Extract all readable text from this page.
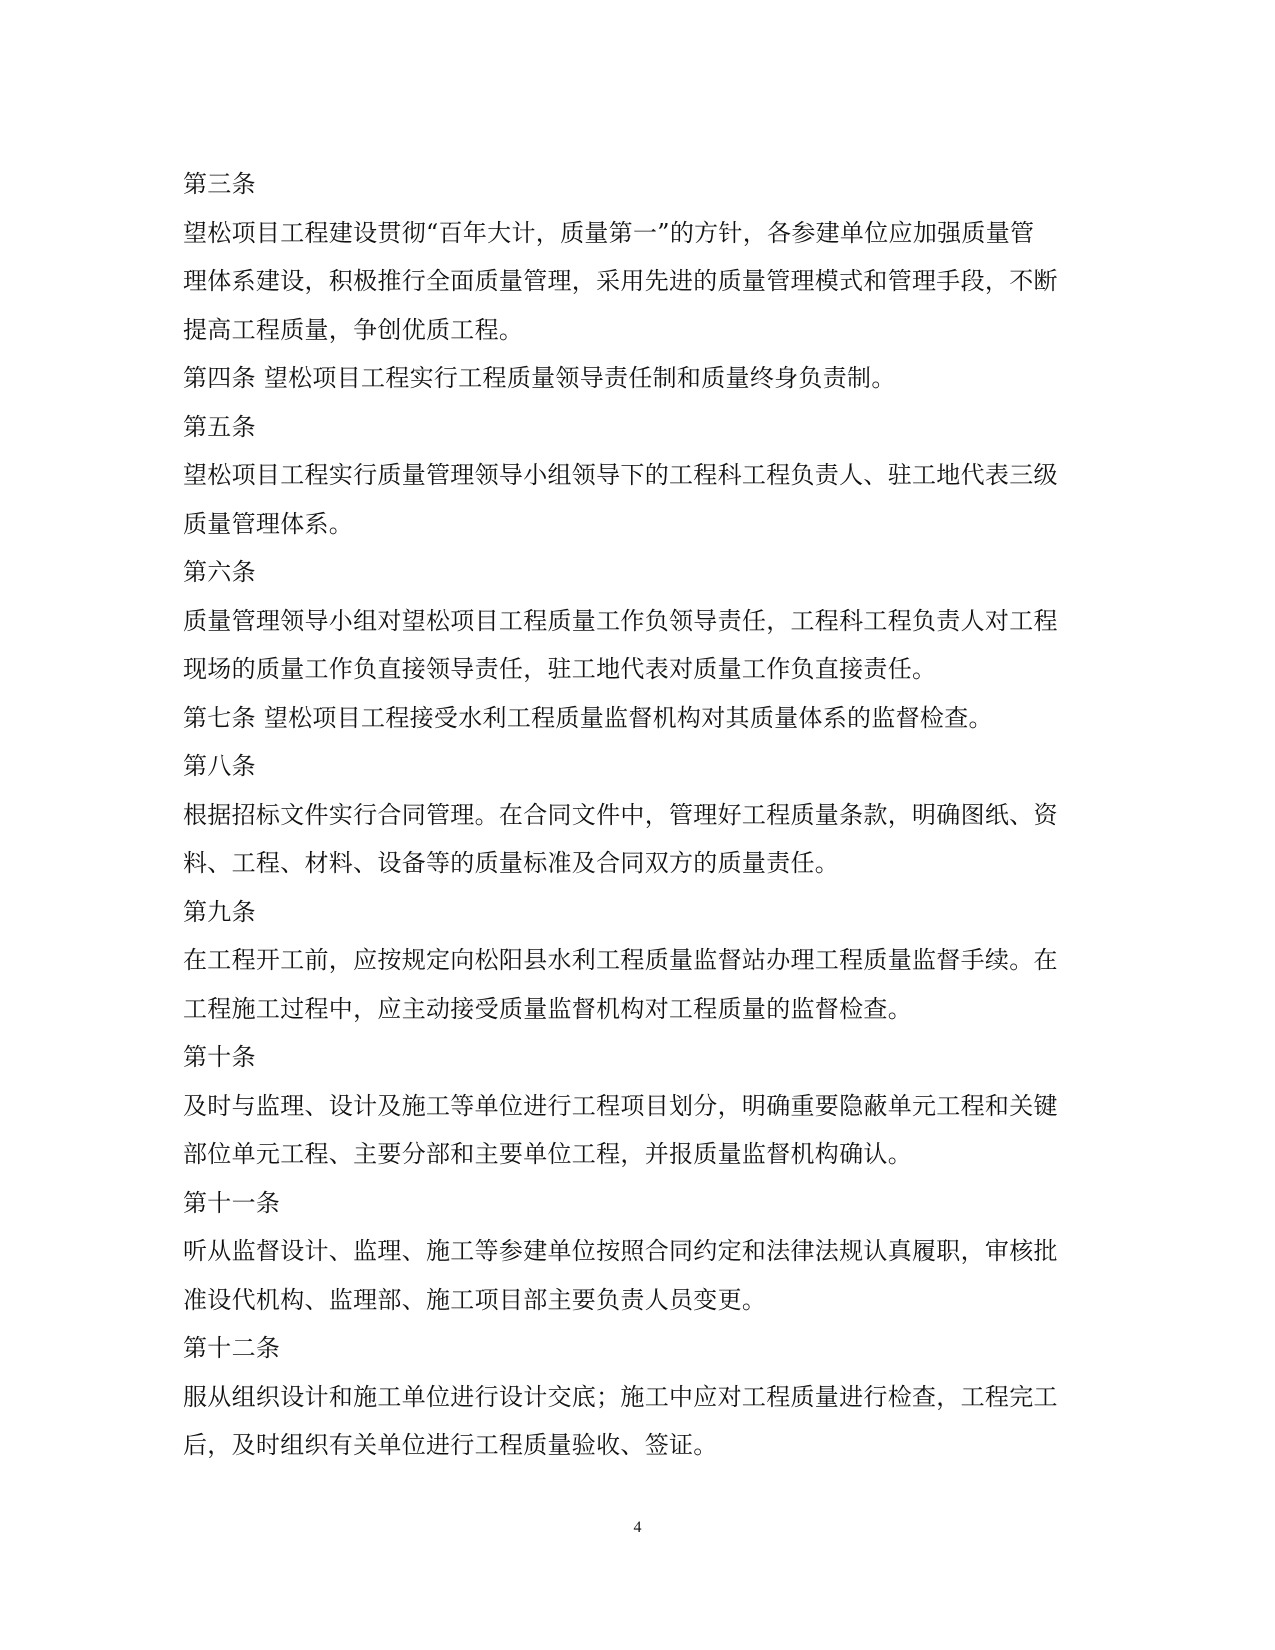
第三条
望松项目工程建设贯彻“百年大计，质量第一”的方针，各参建单位应加强质量管
理体系建设，积极推行全面质量管理，采用先进的质量管理模式和管理手段，不断
提高工程质量，争创优质工程。
第四条 望松项目工程实行工程质量领导责任制和质量终身负责制。
第五条
望松项目工程实行质量管理领导小组领导下的工程科工程负责人、驻工地代表三级
质量管理体系。
第六条
质量管理领导小组对望松项目工程质量工作负领导责任，工程科工程负责人对工程
现场的质量工作负直接领导责任，驻工地代表对质量工作负直接责任。
第七条 望松项目工程接受水利工程质量监督机构对其质量体系的监督检查。
第八条
根据招标文件实行合同管理。在合同文件中，管理好工程质量条款，明确图纸、资
料、工程、材料、设备等的质量标准及合同双方的质量责任。
第九条
在工程开工前，应按规定向松阳县水利工程质量监督站办理工程质量监督手续。在
工程施工过程中，应主动接受质量监督机构对工程质量的监督检查。
第十条
及时与监理、设计及施工等单位进行工程项目划分，明确重要隐蔽单元工程和关键
部位单元工程、主要分部和主要单位工程，并报质量监督机构确认。
第十一条
听从监督设计、监理、施工等参建单位按照合同约定和法律法规认真履职，审核批
准设代机构、监理部、施工项目部主要负责人员变更。
第十二条
服从组织设计和施工单位进行设计交底；施工中应对工程质量进行检查，工程完工
后，及时组织有关单位进行工程质量验收、签证。
4
